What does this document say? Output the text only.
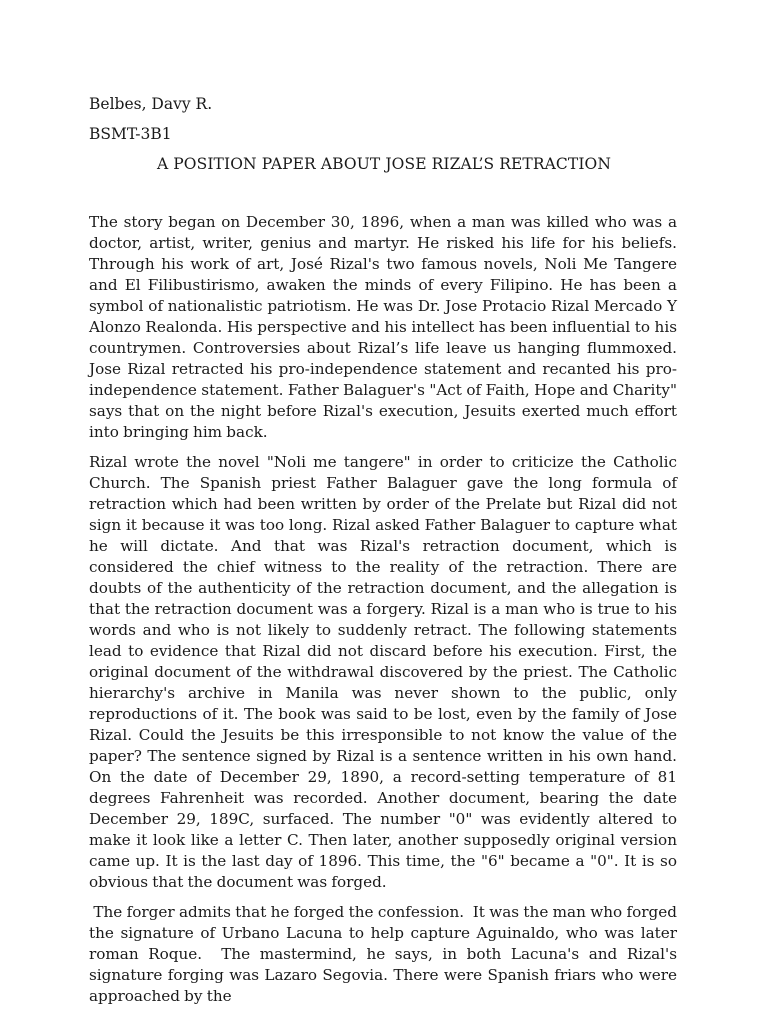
Belbes, Davy R.
BSMT-3B1
A POSITION PAPER ABOUT JOSE RIZAL’S RETRACTION

The story began on December 30, 1896, when a man was killed who was a doctor, artist, writer, genius and martyr. He risked his life for his beliefs. Through his work of art, José Rizal's two famous novels, Noli Me Tangere and El Filibustirismo, awaken the minds of every Filipino. He has been a symbol of nationalistic patriotism. He was Dr. Jose Protacio Rizal Mercado Y Alonzo Realonda. His perspective and his intellect has been influential to his countrymen. Controversies about Rizal’s life leave us hanging flummoxed. Jose Rizal retracted his pro-independence statement and recanted his pro-independence statement. Father Balaguer's "Act of Faith, Hope and Charity" says that on the night before Rizal's execution, Jesuits exerted much effort into bringing him back.

Rizal wrote the novel "Noli me tangere" in order to criticize the Catholic Church. The Spanish priest Father Balaguer gave the long formula of retraction which had been written by order of the Prelate but Rizal did not sign it because it was too long. Rizal asked Father Balaguer to capture what he will dictate. And that was Rizal's retraction document, which is considered the chief witness to the reality of the retraction. There are doubts of the authenticity of the retraction document, and the allegation is that the retraction document was a forgery. Rizal is a man who is true to his words and who is not likely to suddenly retract. The following statements lead to evidence that Rizal did not discard before his execution. First, the original document of the withdrawal discovered by the priest. The Catholic hierarchy's archive in Manila was never shown to the public, only reproductions of it. The book was said to be lost, even by the family of Jose Rizal. Could the Jesuits be this irresponsible to not know the value of the paper? The sentence signed by Rizal is a sentence written in his own hand. On the date of December 29, 1890, a record-setting temperature of 81 degrees Fahrenheit was recorded. Another document, bearing the date December 29, 189C, surfaced. The number "0" was evidently altered to make it look like a letter C. Then later, another supposedly original version came up. It is the last day of 1896. This time, the "6" became a "0". It is so obvious that the document was forged.

The forger admits that he forged the confession.  It was the man who forged the signature of Urbano Lacuna to help capture Aguinaldo, who was later roman Roque.  The mastermind, he says, in both Lacuna's and Rizal's signature forging was Lazaro Segovia. There were Spanish friars who were approached by the
